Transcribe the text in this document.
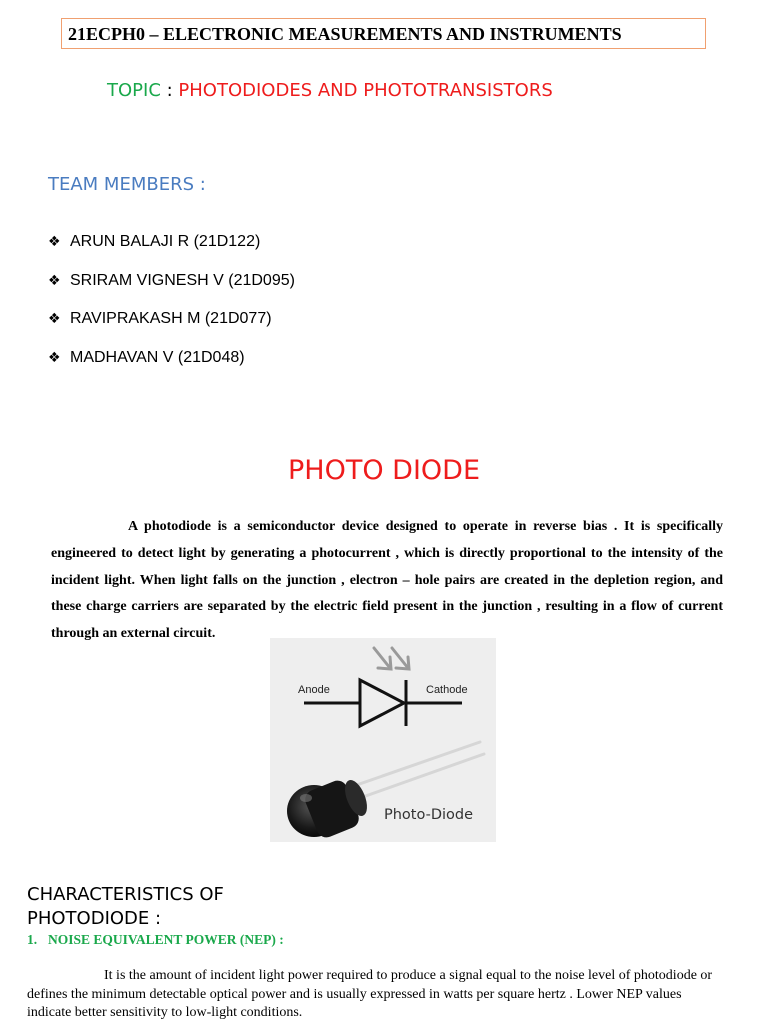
21ECPH0 – ELECTRONIC MEASUREMENTS AND INSTRUMENTS
TOPIC : PHOTODIODES AND PHOTOTRANSISTORS
TEAM MEMBERS :
❖ ARUN BALAJI R (21D122)
❖ SRIRAM VIGNESH V (21D095)
❖ RAVIPRAKASH M (21D077)
❖ MADHAVAN V (21D048)
PHOTO DIODE

A photodiode is a semiconductor device designed to operate in reverse bias . It is specifically engineered to detect light by generating a photocurrent , which is directly proportional to the intensity of the incident light. When light falls on the junction , electron – hole pairs are created in the depletion region, and these charge carriers are separated by the electric field present in the junction , resulting in a flow of current through an external circuit.

Anode	Cathode
Photo-Diode
CHARACTERISTICS OF PHOTODIODE :
1. NOISE EQUIVALENT POWER (NEP) :

It is the amount of incident light power required to produce a signal equal to the noise level of photodiode or defines the minimum detectable optical power and is usually expressed in watts per square hertz . Lower NEP values indicate better sensitivity to low-light conditions.
